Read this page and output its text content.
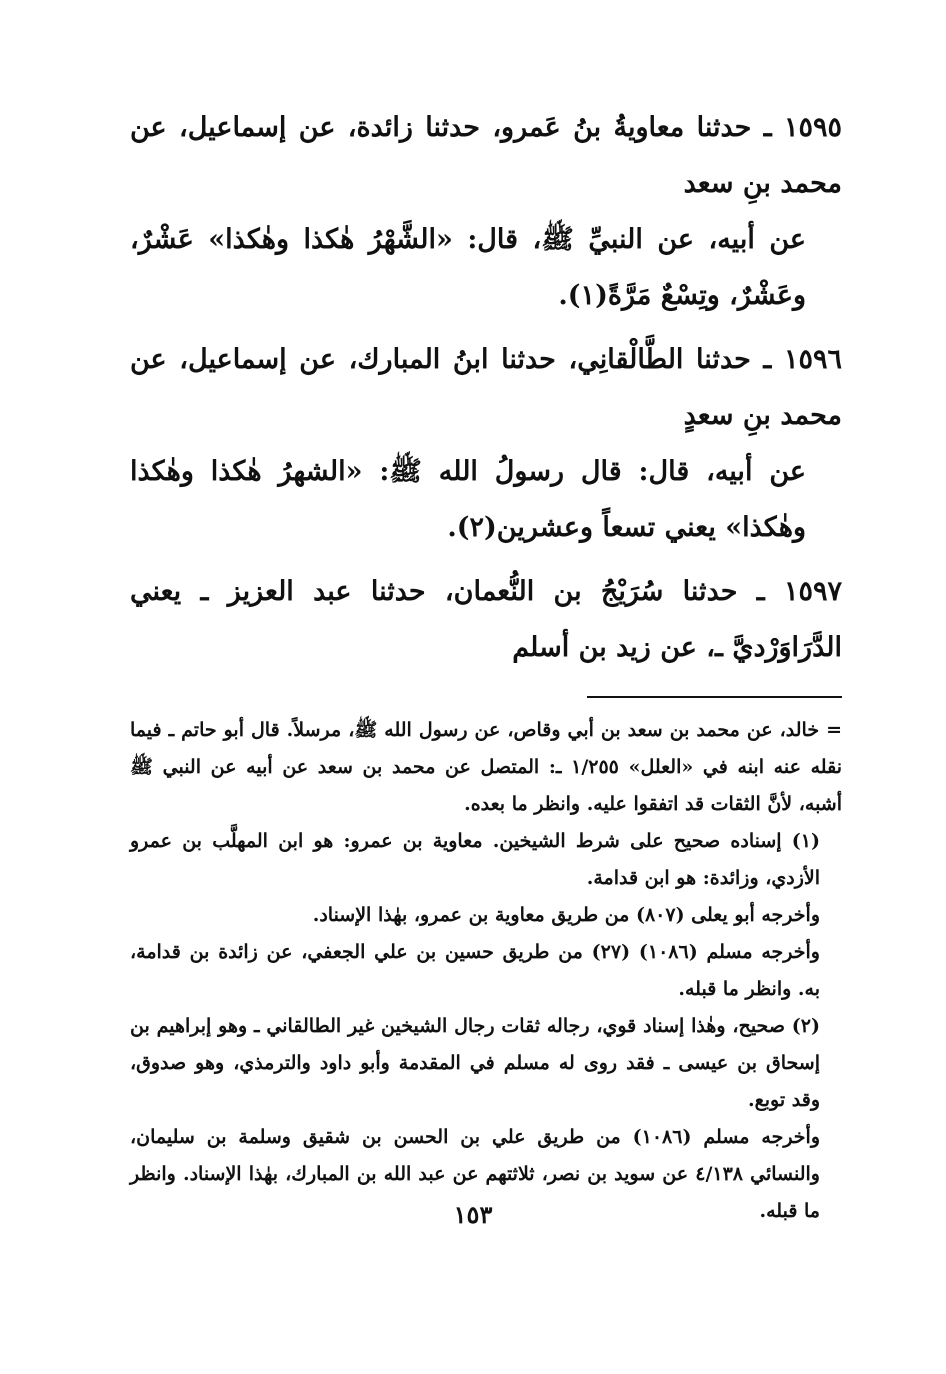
١٥٩٥ ـ حدثنا معاويةُ بنُ عَمرو، حدثنا زائدة، عن إسماعيل، عن محمد بنِ سعد
عن أبيه، عن النبيِّ ﷺ، قال: «الشَّهْرُ هٰكذا وهٰكذا» عَشْرٌ، وعَشْرٌ، وتِسْعٌ مَرَّةً(١).

١٥٩٦ ـ حدثنا الطَّالْقانِي، حدثنا ابنُ المبارك، عن إسماعيل، عن محمد بنِ سعدٍ
عن أبيه، قال: قال رسولُ الله ﷺ: «الشهرُ هٰكذا وهٰكذا وهٰكذا» يعني تسعاً وعشرين(٢).

١٥٩٧ ـ حدثنا سُرَيْجُ بن النُّعمان، حدثنا عبد العزيز ـ يعني الدَّرَاوَرْديَّ ـ، عن زيد بن أسلم

= خالد، عن محمد بن سعد بن أبي وقاص، عن رسول الله ﷺ، مرسلاً. قال أبو حاتم ـ فيما نقله عنه ابنه في «العلل» ١/٢٥٥ ـ: المتصل عن محمد بن سعد عن أبيه عن النبي ﷺ أشبه، لأنَّ الثقات قد اتفقوا عليه. وانظر ما بعده.

(١) إسناده صحيح على شرط الشيخين. معاوية بن عمرو: هو ابن المهلَّب بن عمرو الأزدي، وزائدة: هو ابن قدامة.

وأخرجه أبو يعلى (٨٠٧) من طريق معاوية بن عمرو، بهٰذا الإسناد.

وأخرجه مسلم (١٠٨٦) (٢٧) من طريق حسين بن علي الجعفي، عن زائدة بن قدامة، به. وانظر ما قبله.

(٢) صحيح، وهٰذا إسناد قوي، رجاله ثقات رجال الشيخين غير الطالقاني ـ وهو إبراهيم بن إسحاق بن عيسى ـ فقد روى له مسلم في المقدمة وأبو داود والترمذي، وهو صدوق، وقد توبع.

وأخرجه مسلم (١٠٨٦) من طريق علي بن الحسن بن شقيق وسلمة بن سليمان، والنسائي ٤/١٣٨ عن سويد بن نصر، ثلاثتهم عن عبد الله بن المبارك، بهٰذا الإسناد. وانظر ما قبله.

١٥٣
